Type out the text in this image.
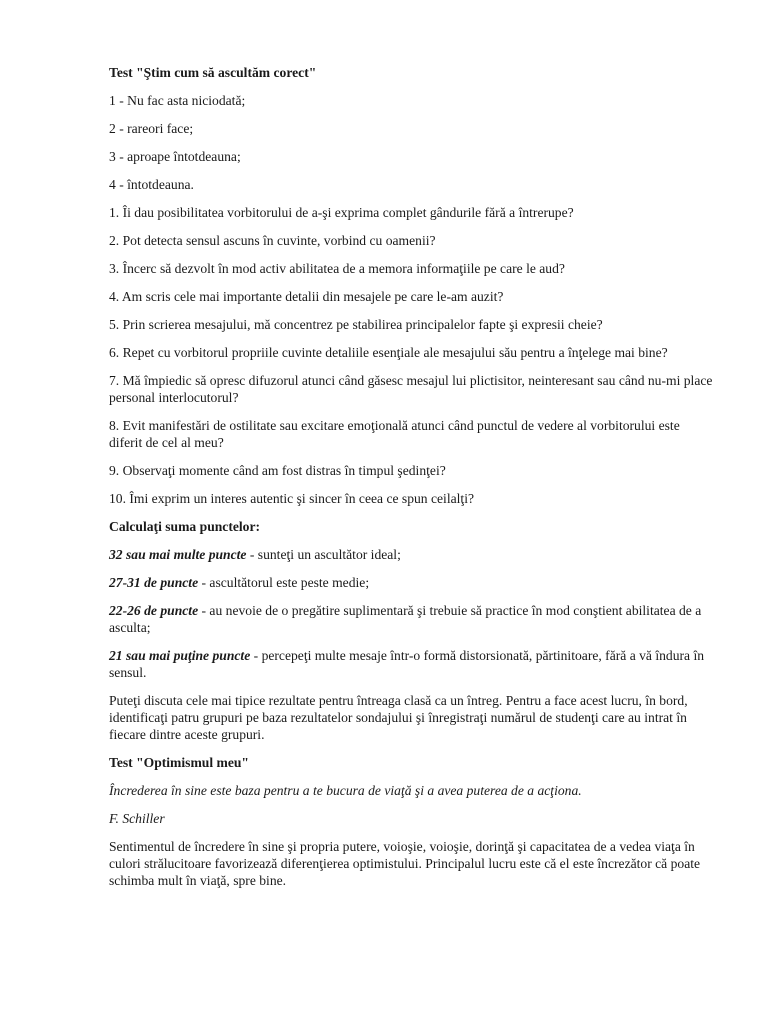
Test "Ştim cum să ascultăm corect"

1 - Nu fac asta niciodată;

2 - rareori face;

3 - aproape întotdeauna;

4 - întotdeauna.

1. Îi dau posibilitatea vorbitorului de a-şi exprima complet gândurile fără a întrerupe?

2. Pot detecta sensul ascuns în cuvinte, vorbind cu oamenii?

3. Încerc să dezvolt în mod activ abilitatea de a memora informaţiile pe care le aud?

4. Am scris cele mai importante detalii din mesajele pe care le-am auzit?

5. Prin scrierea mesajului, mă concentrez pe stabilirea principalelor fapte şi expresii cheie?

6. Repet cu vorbitorul propriile cuvinte detaliile esenţiale ale mesajului său pentru a înţelege mai bine?

7. Mă împiedic să opresc difuzorul atunci când găsesc mesajul lui plictisitor, neinteresant sau când nu-mi place personal interlocutorul?

8. Evit manifestări de ostilitate sau excitare emoţională atunci când punctul de vedere al vorbitorului este diferit de cel al meu?

9. Observaţi momente când am fost distras în timpul şedinţei?

10. Îmi exprim un interes autentic şi sincer în ceea ce spun ceilalţi?

Calculaţi suma punctelor:

32 sau mai multe puncte - sunteţi un ascultător ideal;

27-31 de puncte - ascultătorul este peste medie;

22-26 de puncte - au nevoie de o pregătire suplimentară şi trebuie să practice în mod conştient abilitatea de a asculta;

21 sau mai puţine puncte - percepeţi multe mesaje într-o formă distorsionată, părtinitoare, fără a vă îndura în sensul.

Puteţi discuta cele mai tipice rezultate pentru întreaga clasă ca un întreg. Pentru a face acest lucru, în bord, identificaţi patru grupuri pe baza rezultatelor sondajului şi înregistraţi numărul de studenţi care au intrat în fiecare dintre aceste grupuri.

Test "Optimismul meu"

Încrederea în sine este baza pentru a te bucura de viaţă şi a avea puterea de a acţiona.

F. Schiller

Sentimentul de încredere în sine şi propria putere, voioşie, voioşie, dorinţă şi capacitatea de a vedea viaţa în culori strălucitoare favorizează diferenţierea optimistului. Principalul lucru este că el este încrezător că poate schimba mult în viaţă, spre bine.
